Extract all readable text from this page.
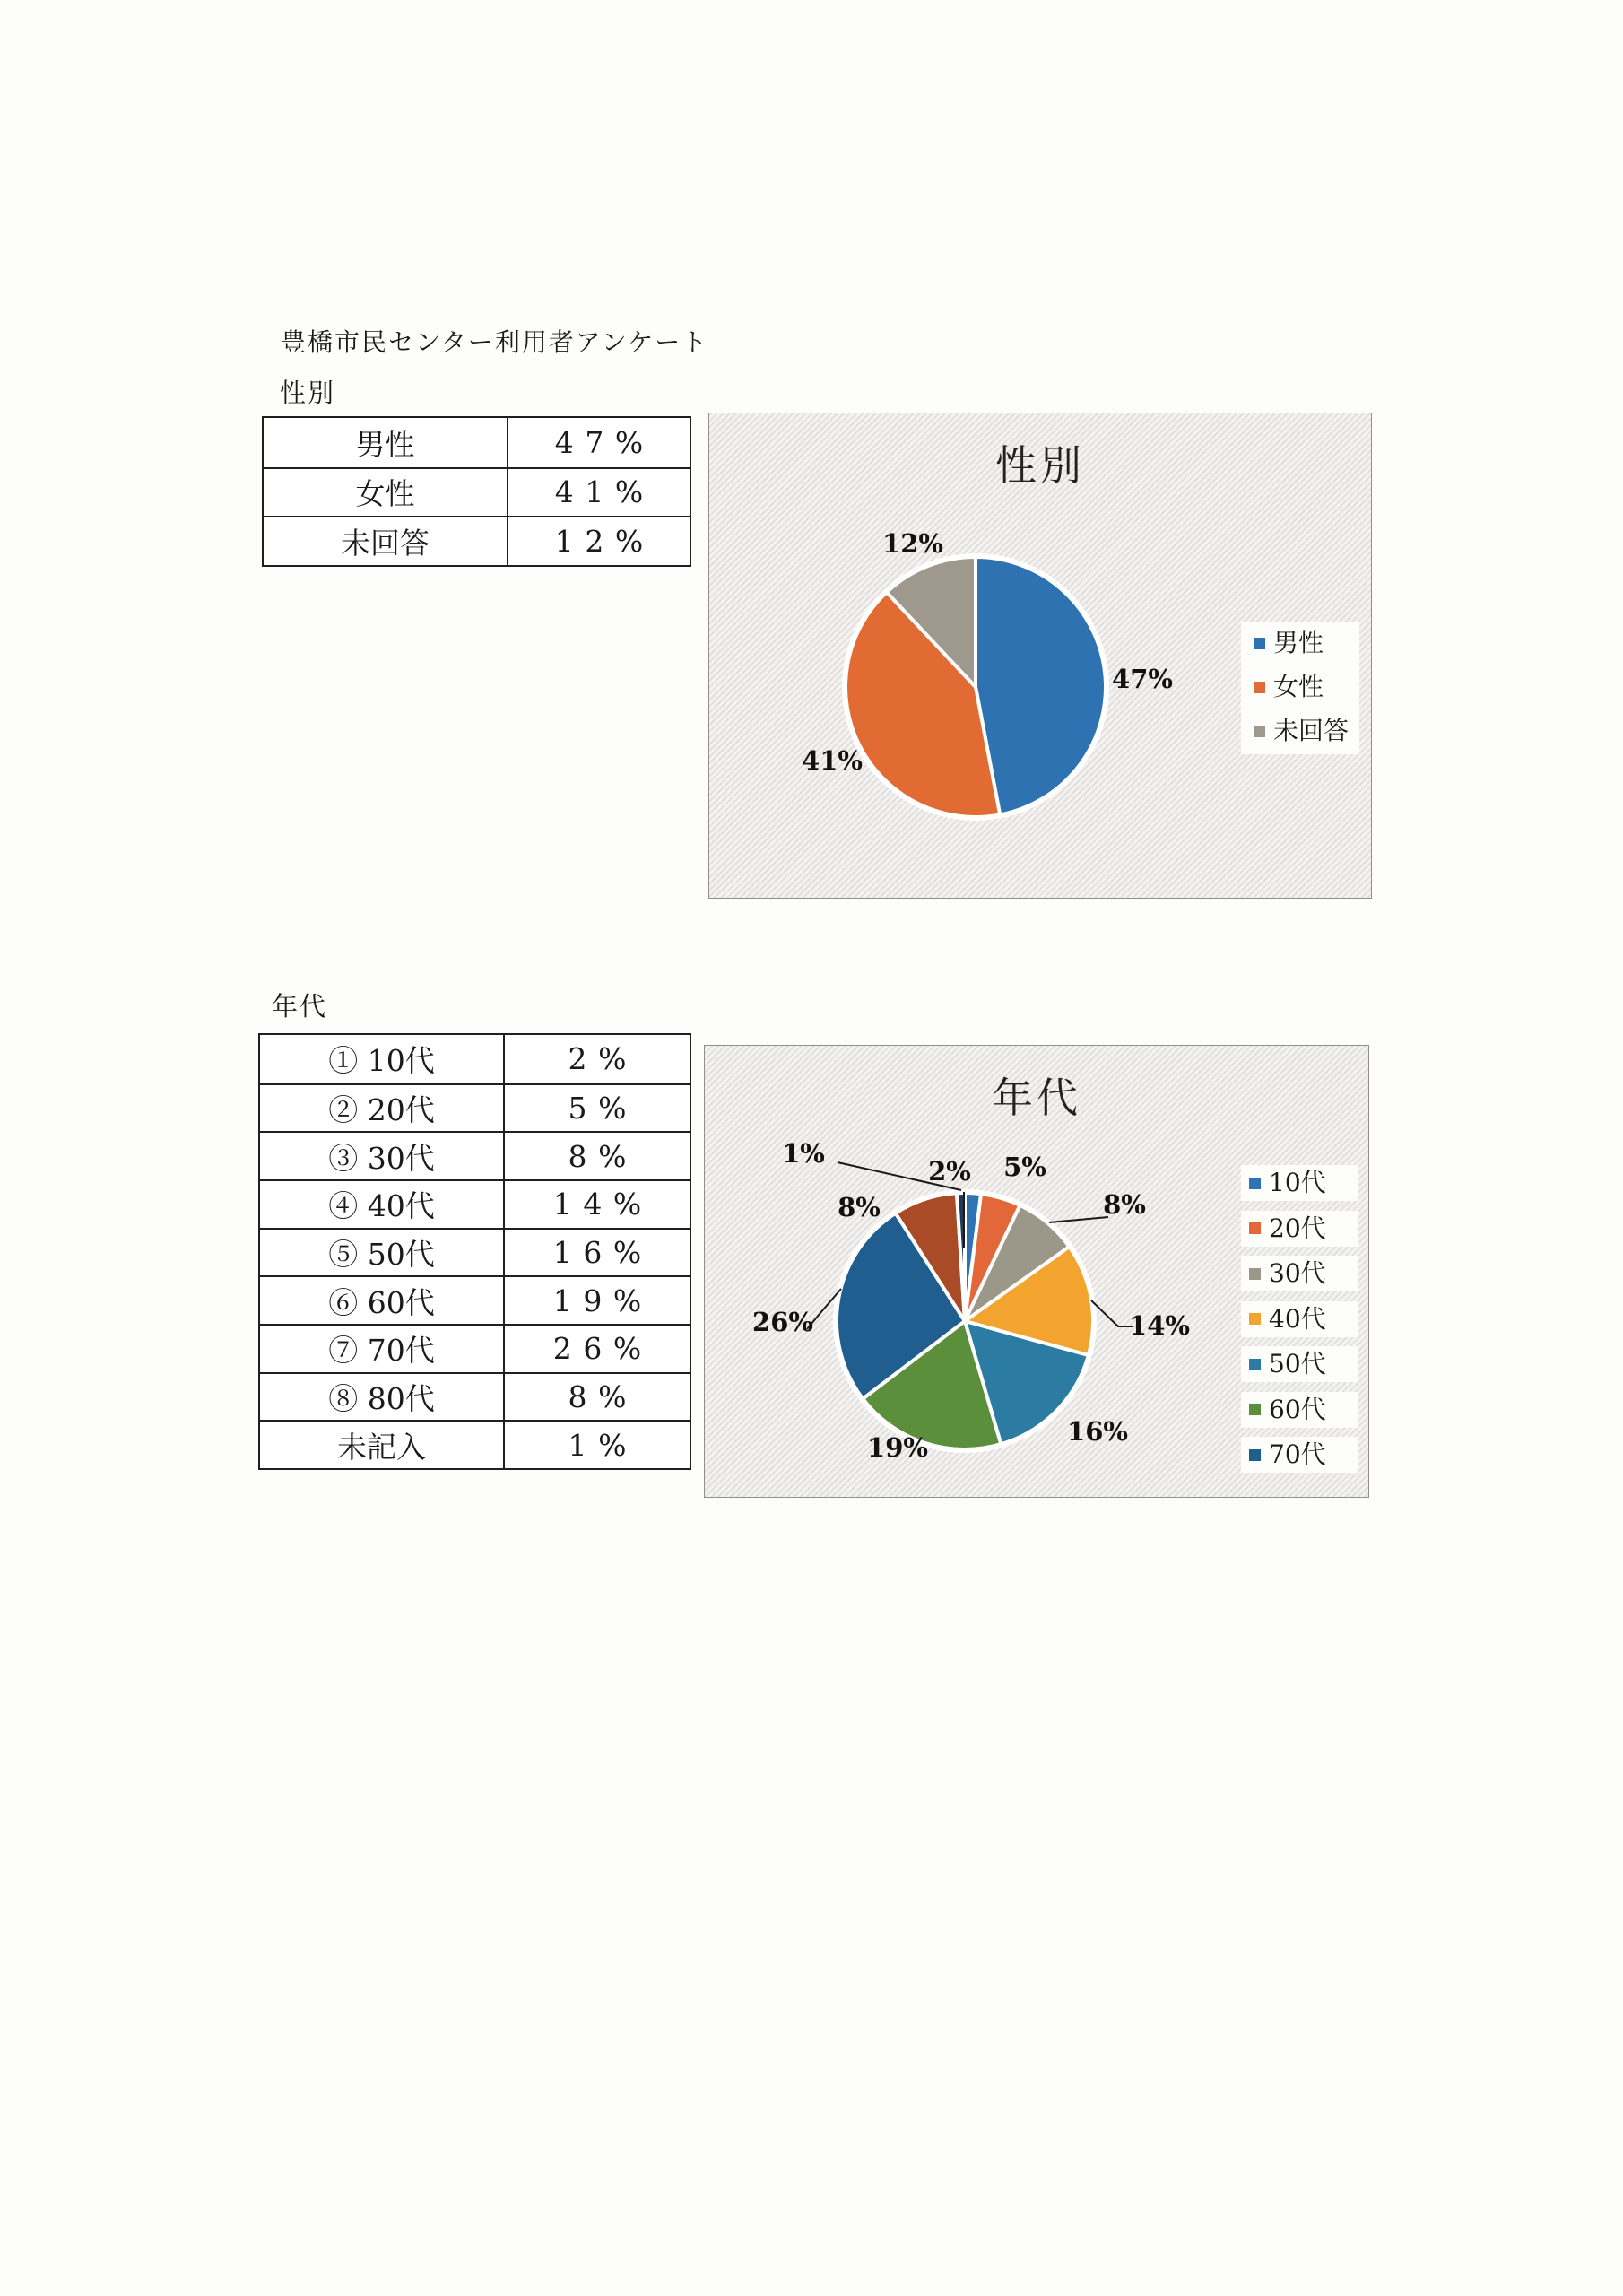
豊橋市民センター利用者アンケート
性別
年代
男性	47%
女性	41%
未回答	12%
① 10代	2%
② 20代	5%
③ 30代	8%
④ 40代	14%
⑤ 50代	16%
⑥ 60代	19%
⑦ 70代	26%
⑧ 80代	8%
未記入	1%
性別
47%
41%
12%
男性
女性
未回答
年代
2% 5%
8%
14%
16%
19%
26%
8%
1%
10代
20代
30代
40代
50代
60代
70代
